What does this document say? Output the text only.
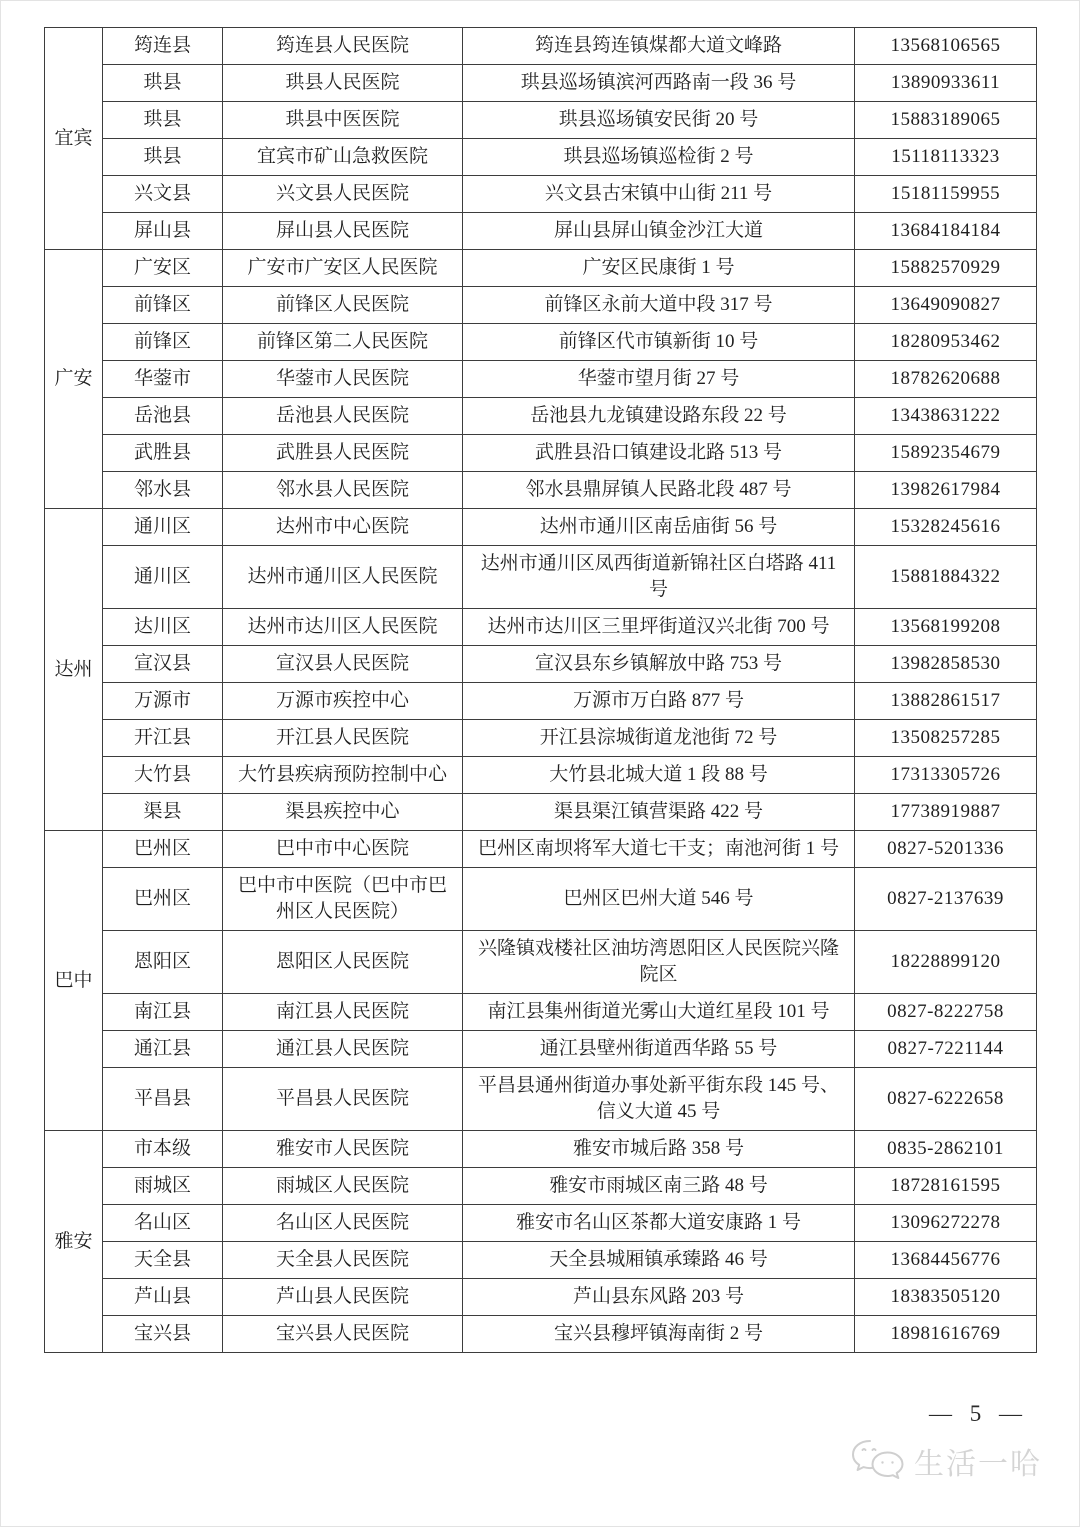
宜宾	筠连县	筠连县人民医院	筠连县筠连镇煤都大道文峰路	13568106565
	珙县	珙县人民医院	珙县巡场镇滨河西路南一段 36 号	13890933611
	珙县	珙县中医医院	珙县巡场镇安民街 20 号	15883189065
	珙县	宜宾市矿山急救医院	珙县巡场镇巡检街 2 号	15118113323
	兴文县	兴文县人民医院	兴文县古宋镇中山街 211 号	15181159955
	屏山县	屏山县人民医院	屏山县屏山镇金沙江大道	13684184184
广安	广安区	广安市广安区人民医院	广安区民康街 1 号	15882570929
	前锋区	前锋区人民医院	前锋区永前大道中段 317 号	13649090827
	前锋区	前锋区第二人民医院	前锋区代市镇新街 10 号	18280953462
	华蓥市	华蓥市人民医院	华蓥市望月街 27 号	18782620688
	岳池县	岳池县人民医院	岳池县九龙镇建设路东段 22 号	13438631222
	武胜县	武胜县人民医院	武胜县沿口镇建设北路 513 号	15892354679
	邻水县	邻水县人民医院	邻水县鼎屏镇人民路北段 487 号	13982617984
达州	通川区	达州市中心医院	达州市通川区南岳庙街 56 号	15328245616
	通川区	达州市通川区人民医院	达州市通川区凤西街道新锦社区白塔路 411 号	15881884322
	达川区	达州市达川区人民医院	达州市达川区三里坪街道汉兴北街 700 号	13568199208
	宣汉县	宣汉县人民医院	宣汉县东乡镇解放中路 753 号	13982858530
	万源市	万源市疾控中心	万源市万白路 877 号	13882861517
	开江县	开江县人民医院	开江县淙城街道龙池街 72 号	13508257285
	大竹县	大竹县疾病预防控制中心	大竹县北城大道 1 段 88 号	17313305726
	渠县	渠县疾控中心	渠县渠江镇营渠路 422 号	17738919887
巴中	巴州区	巴中市中心医院	巴州区南坝将军大道七干支；南池河街 1 号	0827-5201336
	巴州区	巴中市中医院（巴中市巴州区人民医院）	巴州区巴州大道 546 号	0827-2137639
	恩阳区	恩阳区人民医院	兴隆镇戏楼社区油坊湾恩阳区人民医院兴隆院区	18228899120
	南江县	南江县人民医院	南江县集州街道光雾山大道红星段 101 号	0827-8222758
	通江县	通江县人民医院	通江县壁州街道西华路 55 号	0827-7221144
	平昌县	平昌县人民医院	平昌县通州街道办事处新平街东段 145 号、信义大道 45 号	0827-6222658
雅安	市本级	雅安市人民医院	雅安市城后路 358 号	0835-2862101
	雨城区	雨城区人民医院	雅安市雨城区南三路 48 号	18728161595
	名山区	名山区人民医院	雅安市名山区茶都大道安康路 1 号	13096272278
	天全县	天全县人民医院	天全县城厢镇承臻路 46 号	13684456776
	芦山县	芦山县人民医院	芦山县东风路 203 号	18383505120
	宝兴县	宝兴县人民医院	宝兴县穆坪镇海南街 2 号	18981616769
— 5 —
生活一哈
